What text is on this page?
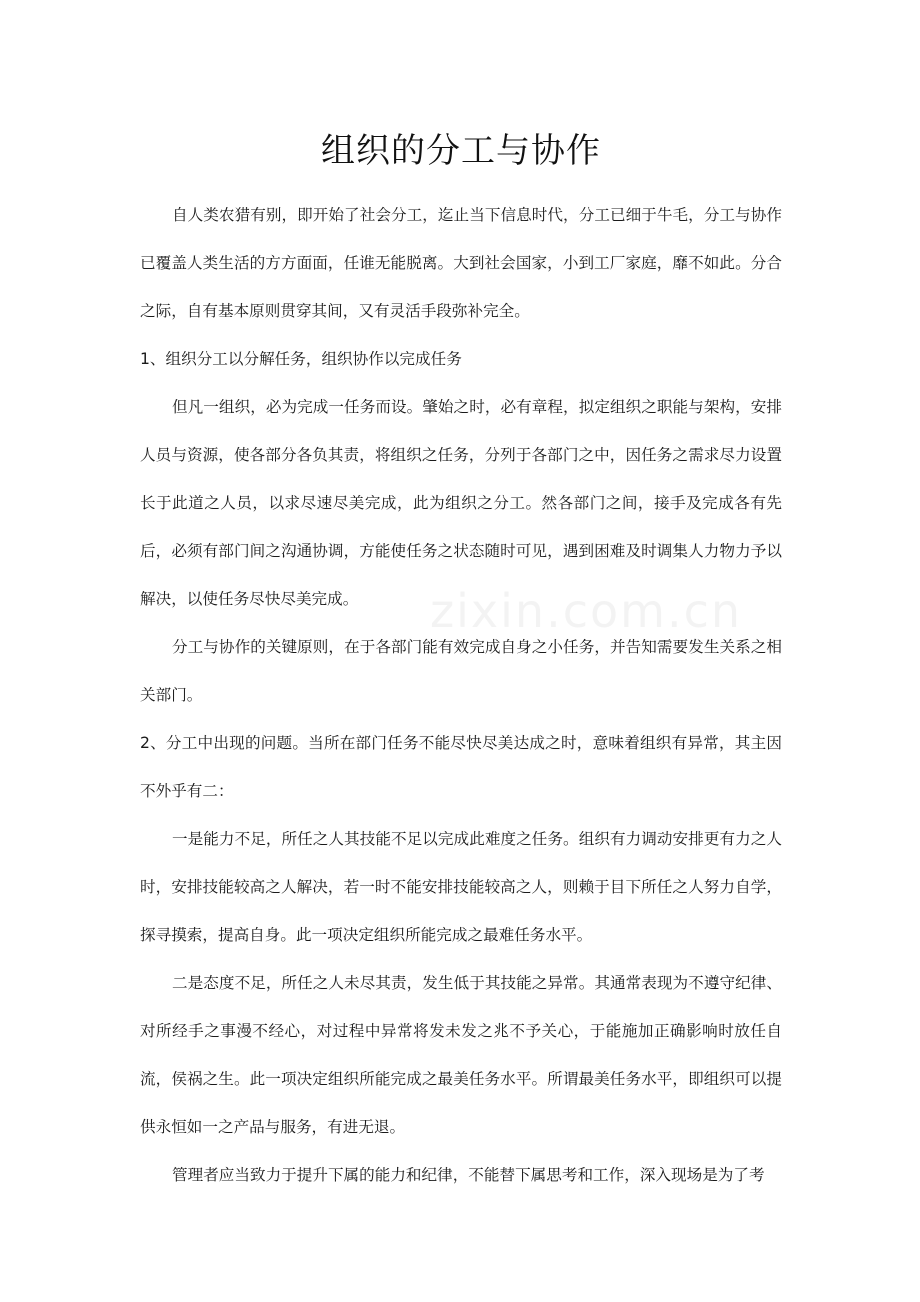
组织的分工与协作

自人类农猎有别，即开始了社会分工，迄止当下信息时代，分工已细于牛毛，分工与协作已覆盖人类生活的方方面面，任谁无能脱离。大到社会国家，小到工厂家庭，靡不如此。分合之际，自有基本原则贯穿其间，又有灵活手段弥补完全。

1、组织分工以分解任务，组织协作以完成任务

但凡一组织，必为完成一任务而设。肇始之时，必有章程，拟定组织之职能与架构，安排人员与资源，使各部分各负其责，将组织之任务，分列于各部门之中，因任务之需求尽力设置长于此道之人员，以求尽速尽美完成，此为组织之分工。然各部门之间，接手及完成各有先后，必须有部门间之沟通协调，方能使任务之状态随时可见，遇到困难及时调集人力物力予以解决，以使任务尽快尽美完成。

分工与协作的关键原则，在于各部门能有效完成自身之小任务，并告知需要发生关系之相关部门。

2、分工中出现的问题。当所在部门任务不能尽快尽美达成之时，意味着组织有异常，其主因不外乎有二：

一是能力不足，所任之人其技能不足以完成此难度之任务。组织有力调动安排更有力之人时，安排技能较高之人解决，若一时不能安排技能较高之人，则赖于目下所任之人努力自学，探寻摸索，提高自身。此一项决定组织所能完成之最难任务水平。

二是态度不足，所任之人未尽其责，发生低于其技能之异常。其通常表现为不遵守纪律、对所经手之事漫不经心，对过程中异常将发未发之兆不予关心，于能施加正确影响时放任自流，侯祸之生。此一项决定组织所能完成之最美任务水平。所谓最美任务水平，即组织可以提供永恒如一之产品与服务，有进无退。

管理者应当致力于提升下属的能力和纪律，不能替下属思考和工作，深入现场是为了考

zixin.com.cn
